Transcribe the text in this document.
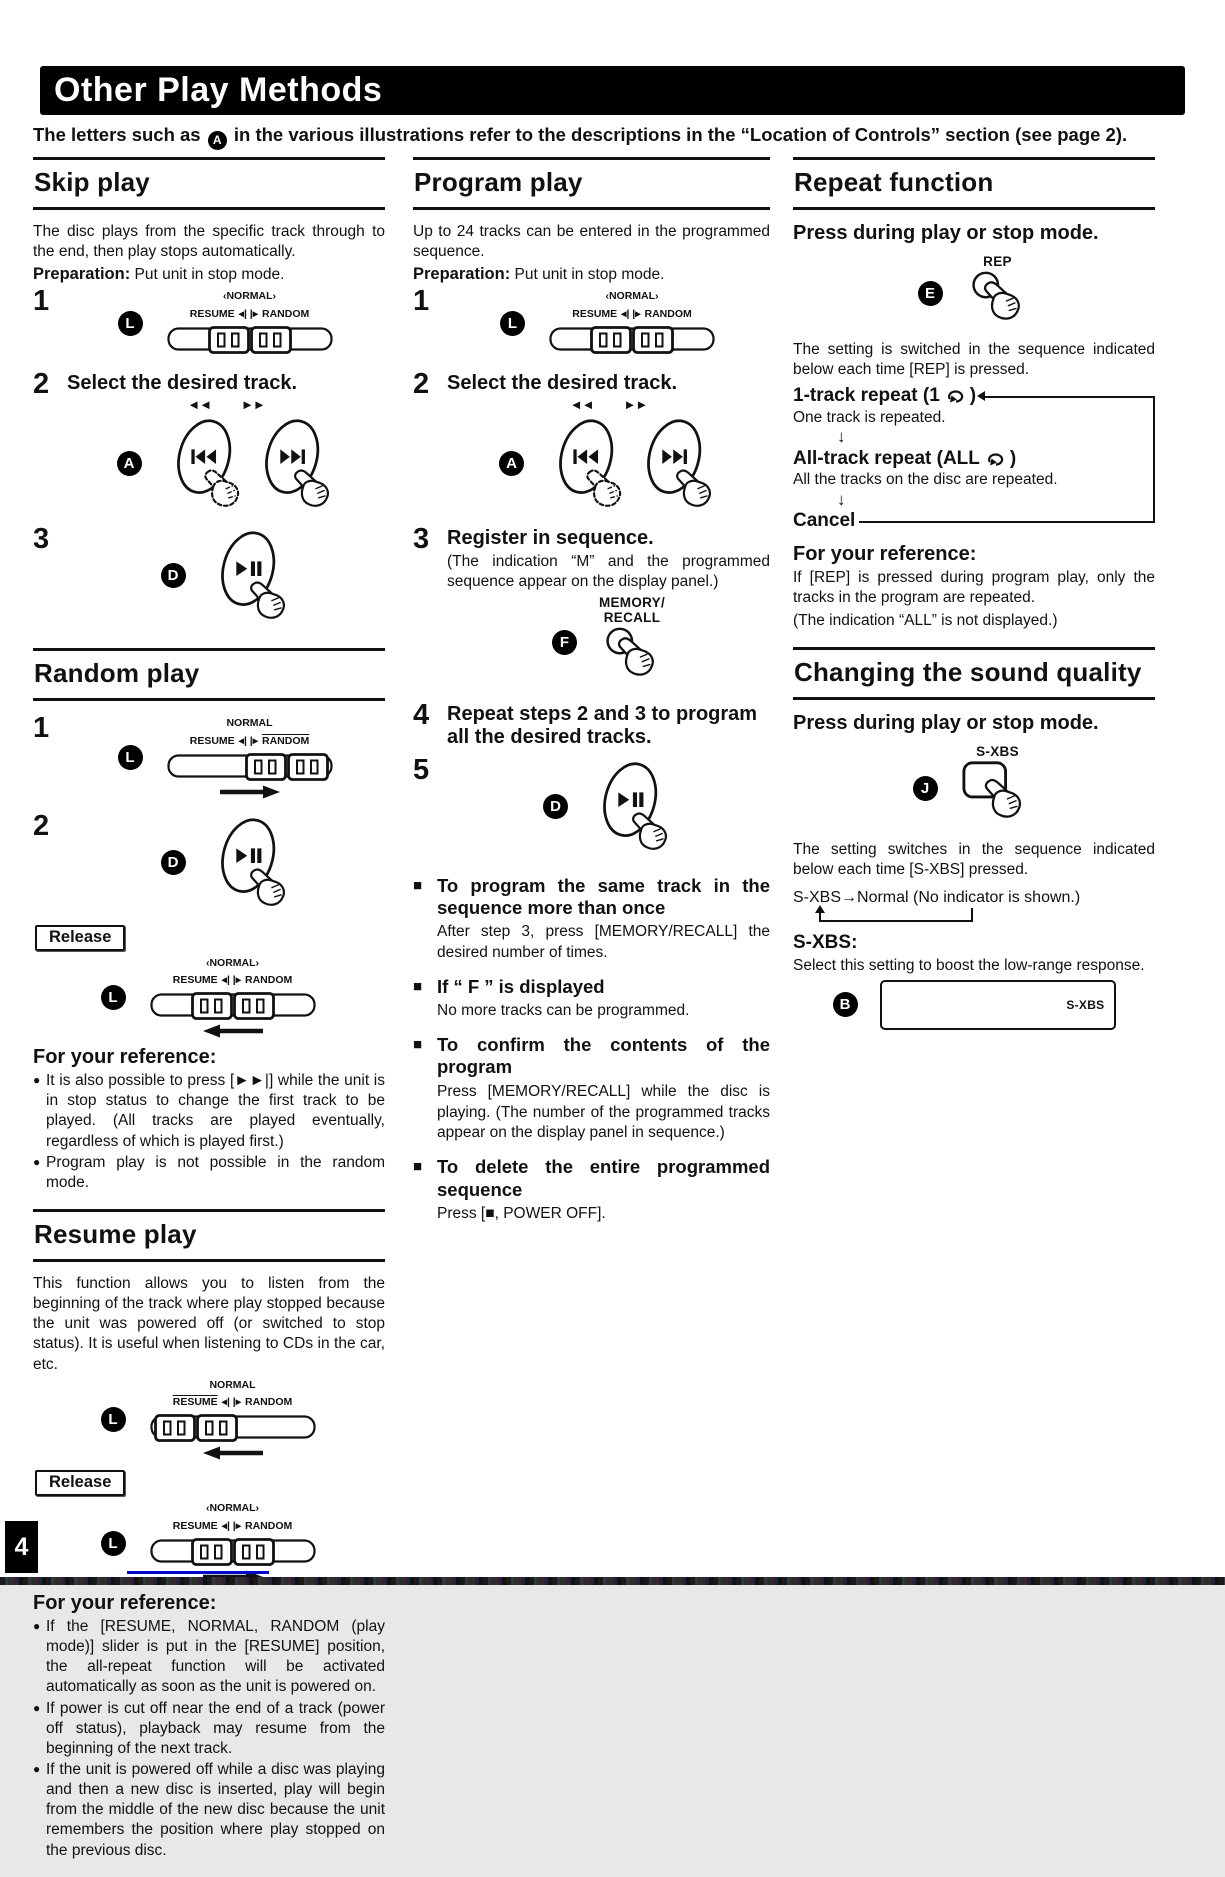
Other Play Methods
The letters such as A in the various illustrations refer to the descriptions in the “Location of Controls” section (see page 2).
Skip play

The disc plays from the specific track through to the end, then play stops automatically.

Preparation: Put unit in stop mode.

1
L
‹NORMAL›
RESUME ◂| |▸ RANDOM
2 Select the desired track.
◄◄ ►►
A
3
D
Random play
1
L
NORMAL
RESUME ◂| |▸ RANDOM
2
D
Release
L
‹NORMAL›
RESUME ◂| |▸ RANDOM
For your reference:
● It is also possible to press [►►|] while the unit is in stop status to change the first track to be played. (All tracks are played eventually, regardless of which is played first.)
● Program play is not possible in the random mode.
Resume play

This function allows you to listen from the beginning of the track where play stopped because the unit was powered off (or switched to stop status). It is useful when listening to CDs in the car, etc.

L
NORMAL
RESUME ◂| |▸ RANDOM
Release
L
‹NORMAL›
RESUME ◂| |▸ RANDOM
For your reference:
● If the [RESUME, NORMAL, RANDOM (play mode)] slider is put in the [RESUME] position, the all-repeat function will be activated automatically as soon as the unit is powered on.
● If power is cut off near the end of a track (power off status), playback may resume from the beginning of the next track.
● If the unit is powered off while a disc was playing and then a new disc is inserted, play will begin from the middle of the new disc because the unit remembers the position where play stopped on the previous disc.
Program play

Up to 24 tracks can be entered in the programmed sequence.

Preparation: Put unit in stop mode.

1
L
‹NORMAL›
RESUME ◂| |▸ RANDOM
2 Select the desired track.
◄◄ ►►
A
3 Register in sequence.

(The indication “M” and the programmed sequence appear on the display panel.)

F
MEMORY/
RECALL
4 Repeat steps 2 and 3 to program all the desired tracks.
5
D
■ To program the same track in the sequence more than once
After step 3, press [MEMORY/RECALL] the desired number of times.
■ If “ F ” is displayed
No more tracks can be programmed.
■ To confirm the contents of the program
Press [MEMORY/RECALL] while the disc is playing. (The number of the programmed tracks appear on the display panel in sequence.)
■ To delete the entire programmed sequence
Press [■, POWER OFF].
Repeat function
Press during play or stop mode.
E
REP

The setting is switched in the sequence indicated below each time [REP] is pressed.

1-track repeat (1 )
One track is repeated.
↓
All-track repeat (ALL )
All the tracks on the disc are repeated.
↓
Cancel
For your reference:

If [REP] is pressed during program play, only the tracks in the program are repeated.

(The indication “ALL” is not displayed.)

Changing the sound quality
Press during play or stop mode.
J
S-XBS

The setting switches in the sequence indicated below each time [S-XBS] pressed.

S-XBS→Normal (No indicator is shown.)
S-XBS:

Select this setting to boost the low-range response.

B	S-XBS
4
